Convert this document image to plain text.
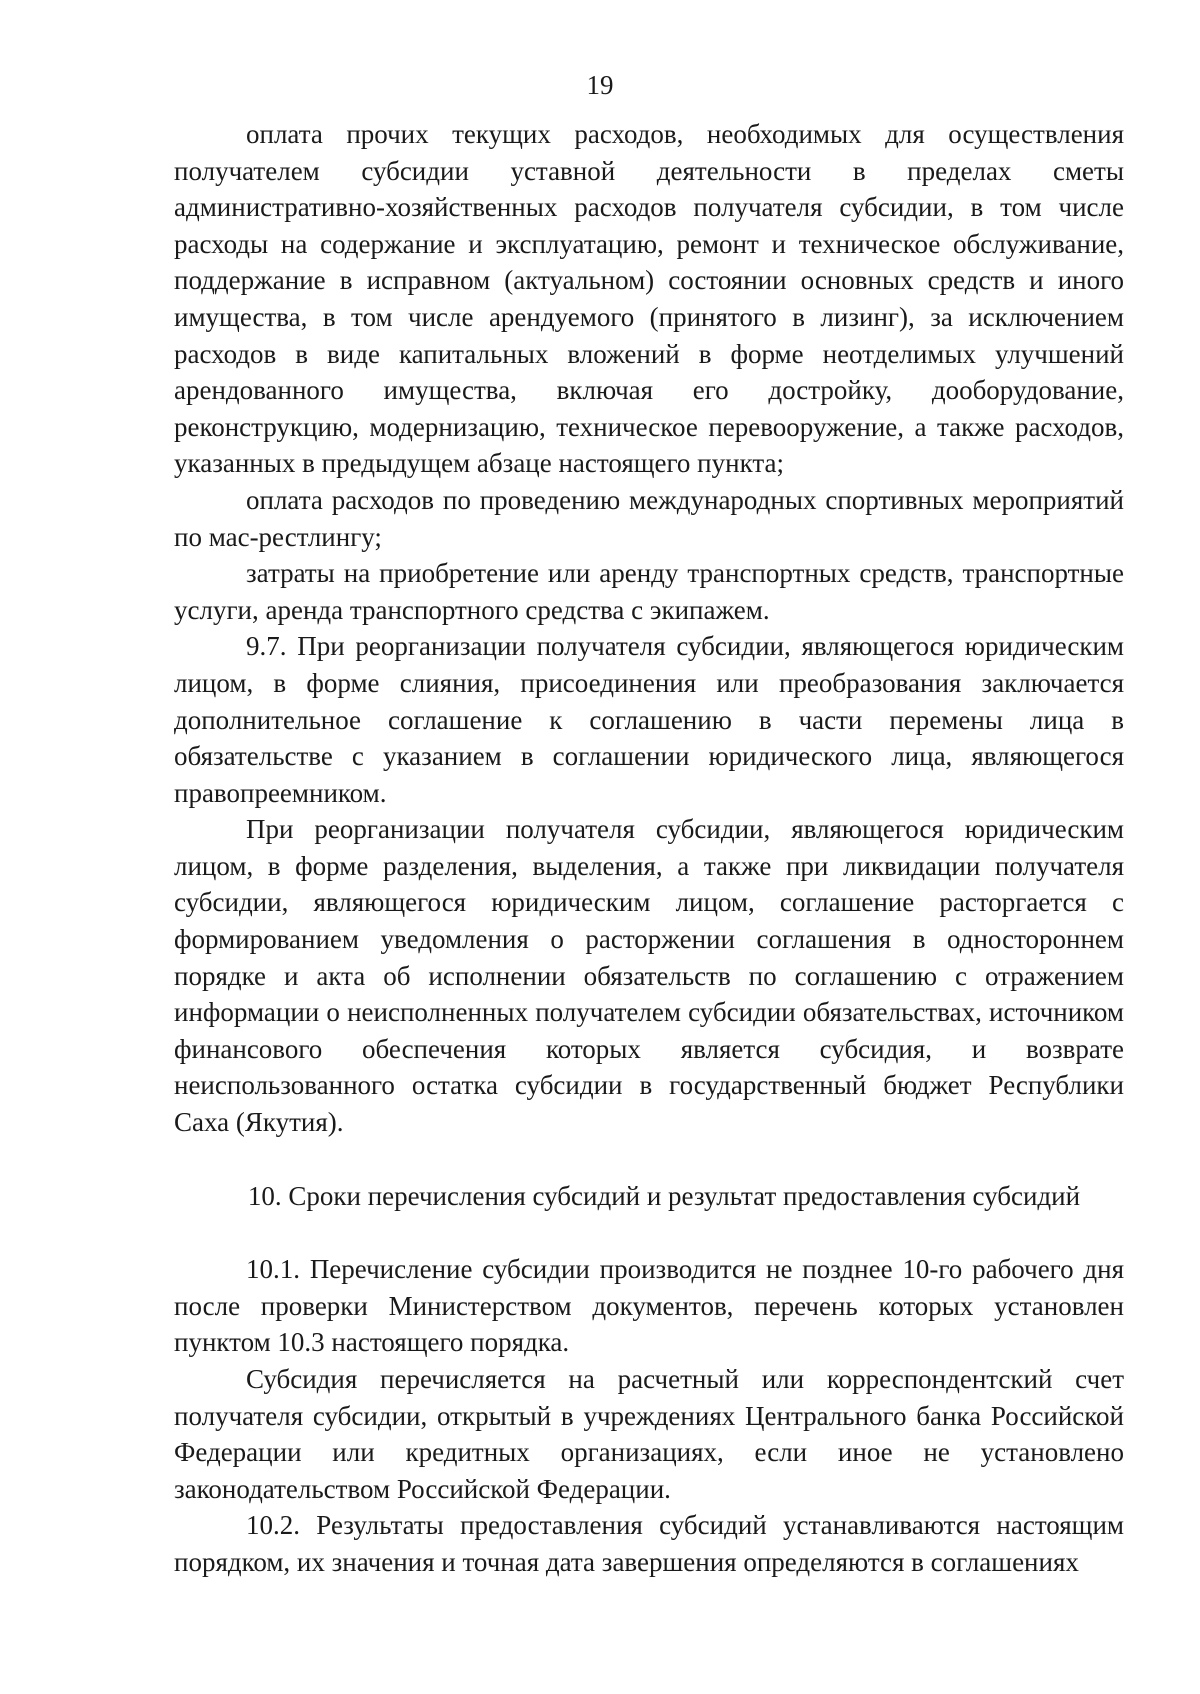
19

оплата прочих текущих расходов, необходимых для осуществления получателем субсидии уставной деятельности в пределах сметы административно-хозяйственных расходов получателя субсидии, в том числе расходы на содержание и эксплуатацию, ремонт и техническое обслуживание, поддержание в исправном (актуальном) состоянии основных средств и иного имущества, в том числе арендуемого (принятого в лизинг), за исключением расходов в виде капитальных вложений в форме неотделимых улучшений арендованного имущества, включая его достройку, дооборудование, реконструкцию, модернизацию, техническое перевооружение, а также расходов, указанных в предыдущем абзаце настоящего пункта;

оплата расходов по проведению международных спортивных мероприятий по мас-рестлингу;

затраты на приобретение или аренду транспортных средств, транспортные услуги, аренда транспортного средства с экипажем.

9.7. При реорганизации получателя субсидии, являющегося юридическим лицом, в форме слияния, присоединения или преобразования заключается дополнительное соглашение к соглашению в части перемены лица в обязательстве с указанием в соглашении юридического лица, являющегося правопреемником.

При реорганизации получателя субсидии, являющегося юридическим лицом, в форме разделения, выделения, а также при ликвидации получателя субсидии, являющегося юридическим лицом, соглашение расторгается с формированием уведомления о расторжении соглашения в одностороннем порядке и акта об исполнении обязательств по соглашению с отражением информации о неисполненных получателем субсидии обязательствах, источником финансового обеспечения которых является субсидия, и возврате неиспользованного остатка субсидии в государственный бюджет Республики Саха (Якутия).

10. Сроки перечисления субсидий и результат предоставления субсидий

10.1. Перечисление субсидии производится не позднее 10-го рабочего дня после проверки Министерством документов, перечень которых установлен пунктом 10.3 настоящего порядка.

Субсидия перечисляется на расчетный или корреспондентский счет получателя субсидии, открытый в учреждениях Центрального банка Российской Федерации или кредитных организациях, если иное не установлено законодательством Российской Федерации.

10.2. Результаты предоставления субсидий устанавливаются настоящим порядком, их значения и точная дата завершения определяются в соглашениях
